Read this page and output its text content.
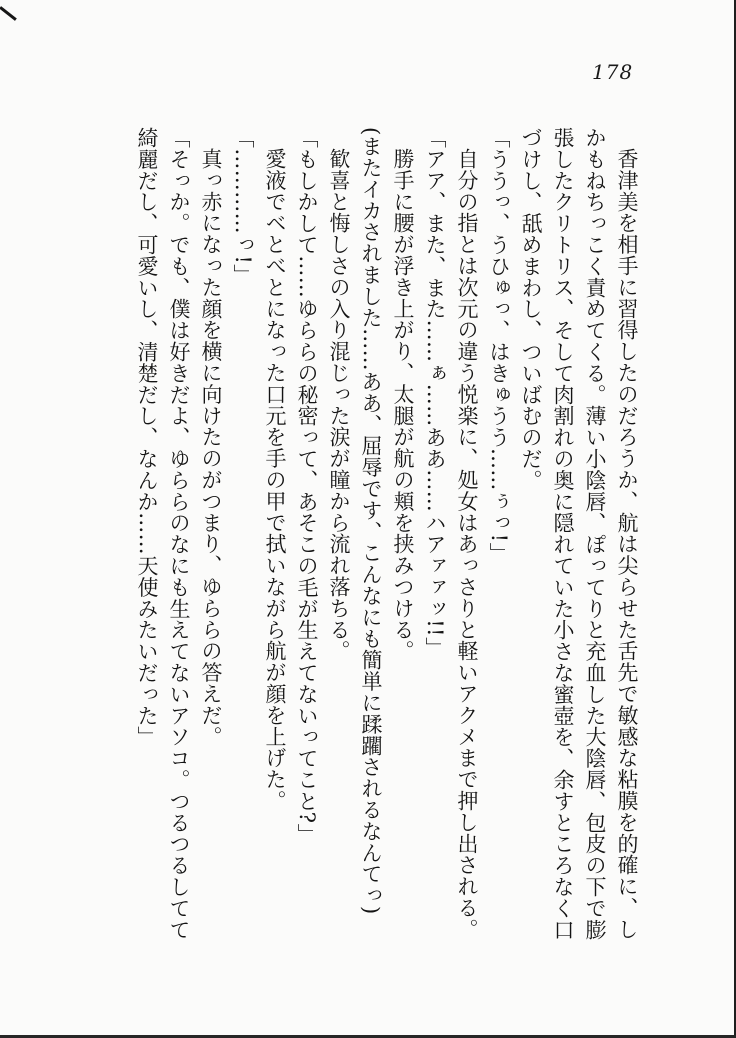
178

香津美を相手に習得したのだろうか、航は尖らせた舌先で敏感な粘膜を的確に、し

かもねちっこく責めてくる。薄い小陰唇、ぽってりと充血した大陰唇、包皮の下で膨

張したクリトリス、そして肉割れの奥に隠れていた小さな蜜壺を、余すところなく口

づけし、舐めまわし、ついばむのだ。

「ううっ、うひゅっ、はきゅうう……ぅっ!」

自分の指とは次元の違う悦楽に、処女はあっさりと軽いアクメまで押し出される。

「アア、また、また……ぁ……ああ……ハアァァッ!!」

勝手に腰が浮き上がり、太腿が航の頬を挟みつける。

(またイカされました……ああ、屈辱です、こんなにも簡単に蹂躙されるなんてっ)

歓喜と悔しさの入り混じった涙が瞳から流れ落ちる。

「もしかして……ゆららの秘密って、あそこの毛が生えてないってこと?」

愛液でベとべとになった口元を手の甲で拭いながら航が顔を上げた。

「…………っ!」

真っ赤になった顔を横に向けたのがつまり、ゆららの答えだ。

「そっか。でも、僕は好きだよ、ゆららのなにも生えてないアソコ。つるつるしてて

綺麗だし、可愛いし、清楚だし、なんか……天使みたいだった」
